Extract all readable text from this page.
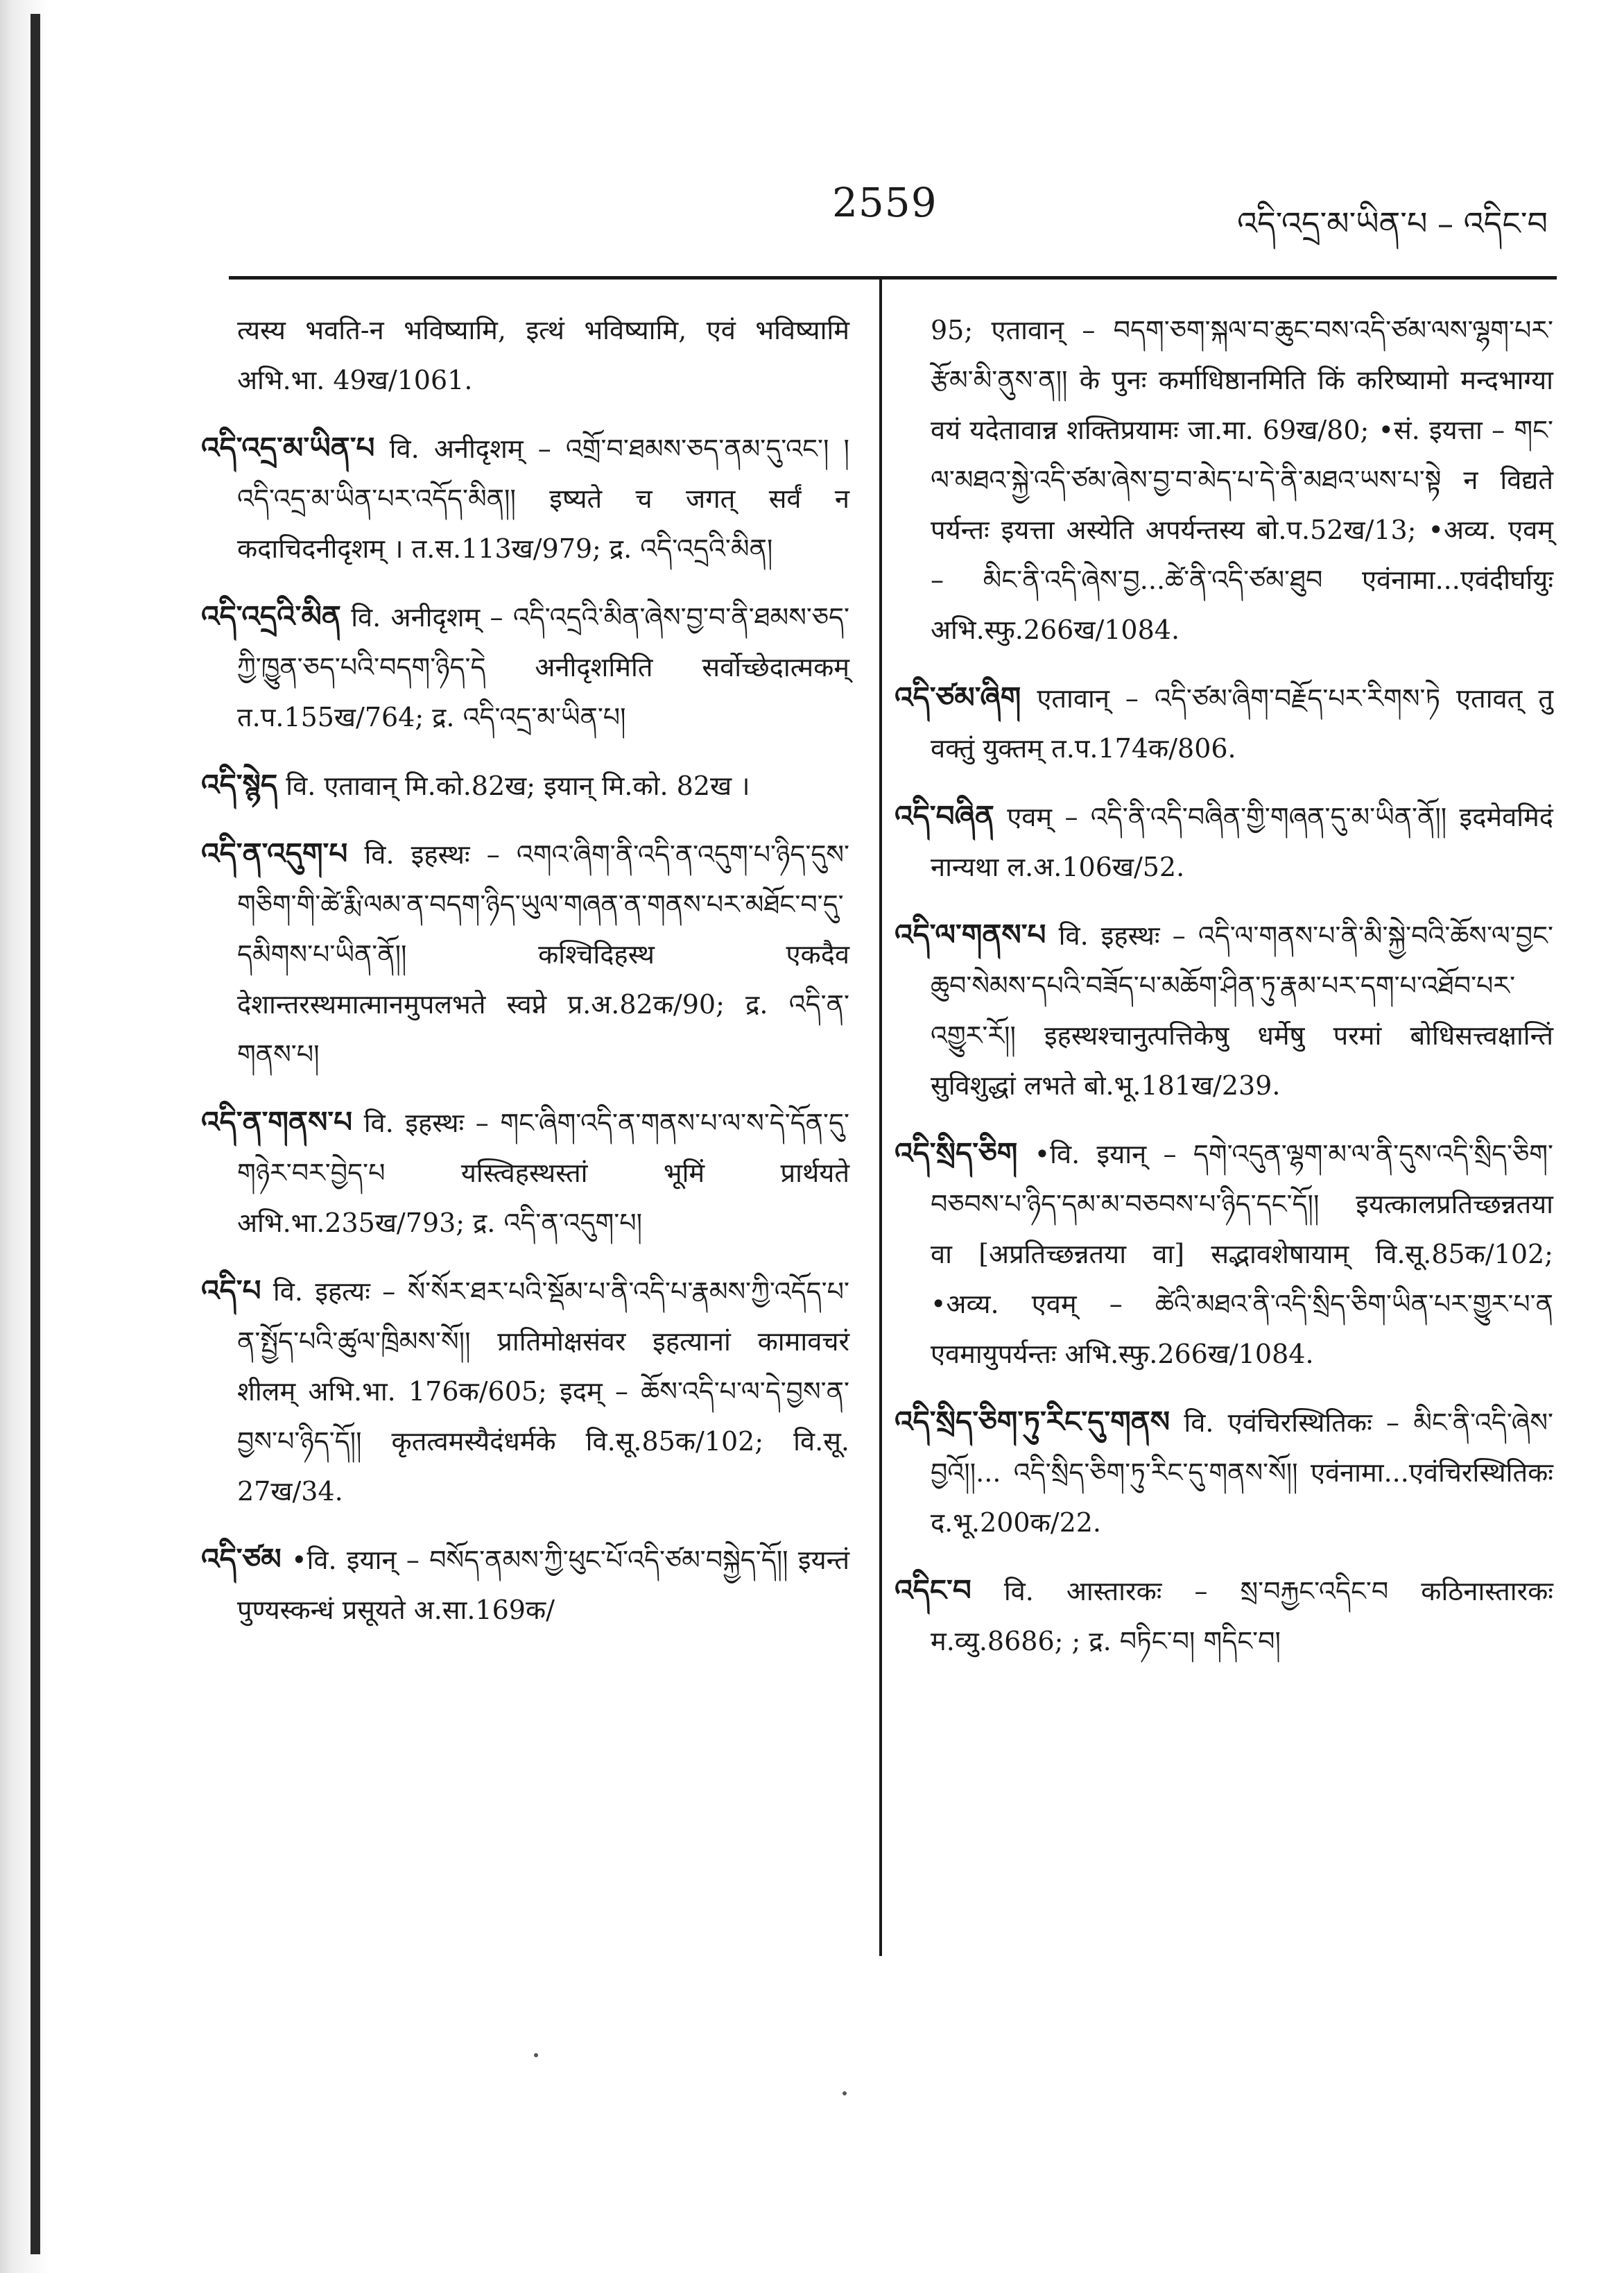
2559	འདི་འདྲ་མ་ཡིན་པ – འདིང་བ

त्यस्य भवति-न भविष्यामि, इत्थं भविष्यामि, एवं भविष्यामि अभि.भा. 49ख/1061.

འདི་འདྲ་མ་ཡིན་པ वि. अनीदृशम् – འགྲོ་བ་ཐམས་ཅད་ནམ་དུ་འང་། །འདི་འདྲ་མ་ཡིན་པར་འདོད་མིན།། इष्यते च जगत् सर्वं न कदाचिदनीदृशम् । त.स.113ख/979; द्र. འདི་འདྲའི་མིན།

འདི་འདྲའི་མིན वि. अनीदृशम् – འདི་འདྲའི་མིན་ཞེས་བྱ་བ་ནི་ཐམས་ཅད་ཀྱི་ཁྱུན་ཅད་པའི་བདག་ཉིད་དེ अनीदृशमिति सर्वोच्छेदात्मकम् त.प.155ख/764; द्र. འདི་འདྲ་མ་ཡིན་པ།

འདི་སྙེད वि. एतावान् मि.को.82ख; इयान् मि.को. 82ख ।

འདི་ན་འདུག་པ वि. इहस्थः – འགའ་ཞིག་ནི་འདི་ན་འདུག་པ་ཉིད་དུས་གཅིག་གི་ཚེ་རྨི་ལམ་ན་བདག་ཉིད་ཡུལ་གཞན་ན་གནས་པར་མཐོང་བ་དུ་དམིགས་པ་ཡིན་ནོ།། कश्चिदिहस्थ एकदैव देशान्तरस्थमात्मानमुपलभते स्वप्ने प्र.अ.82क/90; द्र. འདི་ན་གནས་པ།

འདི་ན་གནས་པ वि. इहस्थः – གང་ཞིག་འདི་ན་གནས་པ་ལ་ས་དེ་དོན་དུ་གཉེར་བར་བྱེད་པ यस्त्विहस्थस्तां भूमिं प्रार्थयते अभि.भा.235ख/793; द्र. འདི་ན་འདུག་པ།

འདི་པ वि. इहत्यः – སོ་སོར་ཐར་པའི་སྡོམ་པ་ནི་འདི་པ་རྣམས་ཀྱི་འདོད་པ་ན་སྤྱོད་པའི་ཚུལ་ཁྲིམས་སོ།། प्रातिमोक्षसंवर इहत्यानां कामावचरं शीलम् अभि.भा. 176क/605; इदम् – ཆོས་འདི་པ་ལ་དེ་བྱས་ན་བྱས་པ་ཉིད་དོ།། कृतत्वमस्यैदंधर्मके वि.सू.85क/102; वि.सू. 27ख/34.

འདི་ཙམ •वि. इयान् – བསོད་ནམས་ཀྱི་ཕུང་པོ་འདི་ཙམ་བསྐྱེད་དོ།། इयन्तं पुण्यस्कन्धं प्रसूयते अ.सा.169क/

95; एतावान् – བདག་ཅག་སྐལ་བ་ཆུང་བས་འདི་ཙམ་ལས་ལྷག་པར་རྩོམ་མི་ནུས་ན།། के पुनः कर्माधिष्ठानमिति किं करिष्यामो मन्दभाग्या वयं यदेतावान्न शक्तिप्रयामः जा.मा. 69ख/80; •सं. इयत्ता – གང་ལ་མཐའ་སྐྱེ་འདི་ཙམ་ཞེས་བྱ་བ་མེད་པ་དེ་ནི་མཐའ་ཡས་པ་སྟེ न विद्यते पर्यन्तः इयत्ता अस्येति अपर्यन्तस्य बो.प.52ख/13; •अव्य. एवम् – མིང་ནི་འདི་ཞེས་བྱ...ཚེ་ནི་འདི་ཙམ་ཐུབ एवंनामा...एवंदीर्घायुः अभि.स्फु.266ख/1084.

འདི་ཙམ་ཞིག एतावान् – འདི་ཙམ་ཞིག་བརྗོད་པར་རིགས་ཏེ एतावत् तु वक्तुं युक्तम् त.प.174क/806.

འདི་བཞིན एवम् – འདི་ནི་འདི་བཞིན་གྱི་གཞན་དུ་མ་ཡིན་ནོ།། इदमेवमिदं नान्यथा ल.अ.106ख/52.

འདི་ལ་གནས་པ वि. इहस्थः – འདི་ལ་གནས་པ་ནི་མི་སྐྱེ་བའི་ཆོས་ལ་བྱང་ཆུབ་སེམས་དཔའི་བཟོད་པ་མཆོག་ཤིན་ཏུ་རྣམ་པར་དག་པ་འཐོབ་པར་འགྱུར་རོ།། इहस्थश्चानुत्पत्तिकेषु धर्मेषु परमां बोधिसत्त्वक्षान्तिं सुविशुद्धां लभते बो.भू.181ख/239.

འདི་སྲིད་ཅིག •वि. इयान् – དགེ་འདུན་ལྷག་མ་ལ་ནི་དུས་འདི་སྲིད་ཅིག་བཅབས་པ་ཉིད་དམ་མ་བཅབས་པ་ཉིད་དང་དོ།། इयत्कालप्रतिच्छन्नतया वा [अप्रतिच्छन्नतया वा] सद्भावशेषायाम् वि.सू.85क/102; •अव्य. एवम् – ཚེའི་མཐའ་ནི་འདི་སྲིད་ཅིག་ཡིན་པར་གྱུར་པ་ན एवमायुपर्यन्तः अभि.स्फु.266ख/1084.

འདི་སྲིད་ཅིག་ཏུ་རིང་དུ་གནས वि. एवंचिरस्थितिकः – མིང་ནི་འདི་ཞེས་བྱའོ།།... འདི་སྲིད་ཅིག་ཏུ་རིང་དུ་གནས་སོ།། एवंनामा...एवंचिरस्थितिकः द.भू.200क/22.

འདིང་བ वि. आस्तारकः – སྲ་བརྐྱང་འདིང་བ कठिनास्तारकः म.व्यु.8686; ; द्र. བཏིང་བ། གདིང་བ།
